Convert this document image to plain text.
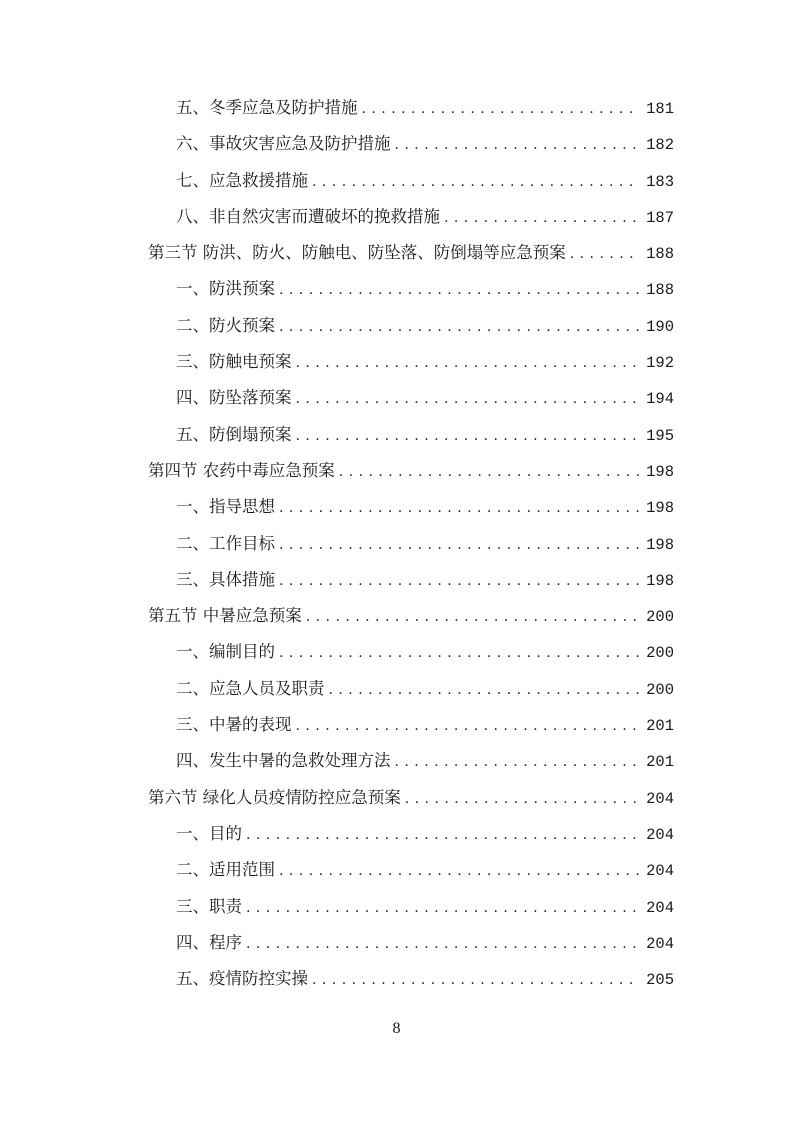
五、冬季应急及防护措施 . . .	181
六、事故灾害应急及防护措施 . . .	182
七、应急救援措施 . . .	183
八、非自然灾害而遭破坏的挽救措施 . . .	187
第三节 防洪、防火、防触电、防坠落、防倒塌等应急预案 . . .	188
一、防洪预案 . . .	188
二、防火预案 . . .	190
三、防触电预案 . . .	192
四、防坠落预案 . . .	194
五、防倒塌预案 . . .	195
第四节 农药中毒应急预案 . . .	198
一、指导思想 . . .	198
二、工作目标 . . .	198
三、具体措施 . . .	198
第五节 中暑应急预案 . . .	200
一、编制目的 . . .	200
二、应急人员及职责 . . .	200
三、中暑的表现 . . .	201
四、发生中暑的急救处理方法 . . .	201
第六节 绿化人员疫情防控应急预案 . . .	204
一、目的 . . .	204
二、适用范围 . . .	204
三、职责 . . .	204
四、程序 . . .	204
五、疫情防控实操 . . .	205
8
